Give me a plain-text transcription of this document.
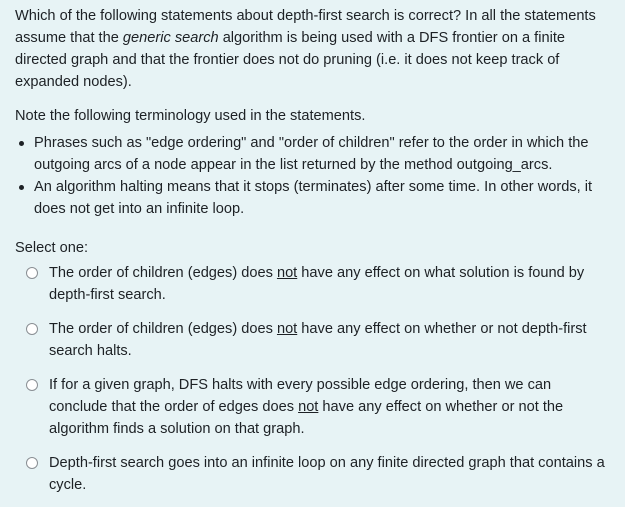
Which of the following statements about depth-first search is correct? In all the statements assume that the generic search algorithm is being used with a DFS frontier on a finite directed graph and that the frontier does not do pruning (i.e. it does not keep track of expanded nodes).

Note the following terminology used in the statements.

Phrases such as "edge ordering" and "order of children" refer to the order in which the outgoing arcs of a node appear in the list returned by the method outgoing_arcs.
An algorithm halting means that it stops (terminates) after some time. In other words, it does not get into an infinite loop.
Select one:
The order of children (edges) does not have any effect on what solution is found by depth-first search.
The order of children (edges) does not have any effect on whether or not depth-first search halts.
If for a given graph, DFS halts with every possible edge ordering, then we can conclude that the order of edges does not have any effect on whether or not the algorithm finds a solution on that graph.
Depth-first search goes into an infinite loop on any finite directed graph that contains a cycle.
